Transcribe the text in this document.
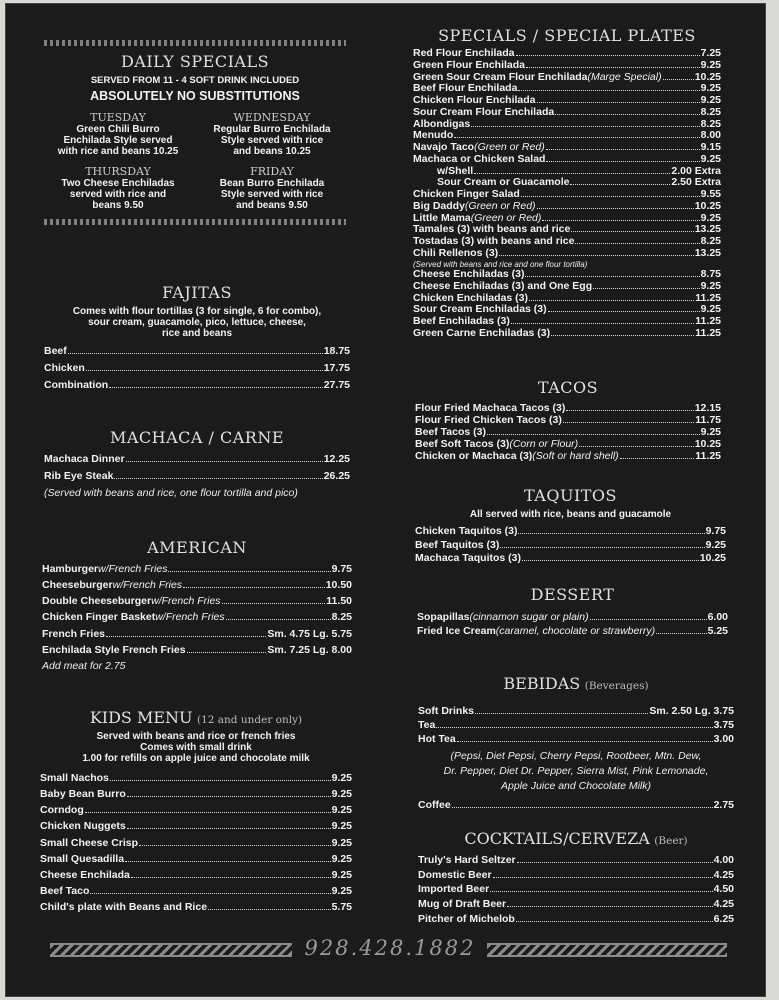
DAILY SPECIALS
SERVED FROM 11 - 4 SOFT DRINK INCLUDED
ABSOLUTELY NO SUBSTITUTIONS
TUESDAY
Green Chili Burro
Enchilada Style served
with rice and beans 10.25
WEDNESDAY
Regular Burro Enchilada
Style served with rice
and beans 10.25
THURSDAY
Two Cheese Enchiladas
served with rice and
beans 9.50
FRIDAY
Bean Burro Enchilada
Style served with rice
and beans 9.50
FAJITAS
Comes with flour tortillas (3 for single, 6 for combo),
sour cream, guacamole, pico, lettuce, cheese,
rice and beans
Beef	18.75
Chicken	17.75
Combination	27.75
MACHACA / CARNE
Machaca Dinner	12.25
Rib Eye Steak	26.25
(Served with beans and rice, one flour tortilla and pico)
AMERICAN
Hamburger w/French Fries	9.75
Cheeseburger w/French Fries	10.50
Double Cheeseburger w/French Fries	11.50
Chicken Finger Basket w/French Fries	8.25
French Fries	Sm. 4.75 Lg. 5.75
Enchilada Style French Fries	Sm. 7.25 Lg. 8.00
Add meat for 2.75
KIDS MENU (12 and under only)
Served with beans and rice or french fries
Comes with small drink
1.00 for refills on apple juice and chocolate milk
Small Nachos	9.25
Baby Bean Burro	9.25
Corndog	9.25
Chicken Nuggets	9.25
Small Cheese Crisp	9.25
Small Quesadilla	9.25
Cheese Enchilada	9.25
Beef Taco	9.25
Child's plate with Beans and Rice	5.75
SPECIALS / SPECIAL PLATES
Red Flour Enchilada	7.25
Green Flour Enchilada	9.25
Green Sour Cream Flour Enchilada (Marge Special)	10.25
Beef Flour Enchilada	9.25
Chicken Flour Enchilada	9.25
Sour Cream Flour Enchilada	8.25
Albondigas	8.25
Menudo	8.00
Navajo Taco (Green or Red)	9.15
Machaca or Chicken Salad	9.25
w/Shell	2.00 Extra
Sour Cream or Guacamole	2.50 Extra
Chicken Finger Salad	9.55
Big Daddy (Green or Red)	10.25
Little Mama (Green or Red)	9.25
Tamales (3) with beans and rice	13.25
Tostadas (3) with beans and rice	8.25
Chili Rellenos (3)	13.25
(Served with beans and rice and one flour tortilla)
Cheese Enchiladas (3)	8.75
Cheese Enchiladas (3) and One Egg	9.25
Chicken Enchiladas (3)	11.25
Sour Cream Enchiladas (3)	9.25
Beef Enchiladas (3)	11.25
Green Carne Enchiladas (3)	11.25
TACOS
Flour Fried Machaca Tacos (3)	12.15
Flour Fried Chicken Tacos (3)	11.75
Beef Tacos (3)	9.25
Beef Soft Tacos (3) (Corn or Flour)	10.25
Chicken or Machaca (3) (Soft or hard shell)	11.25
TAQUITOS
All served with rice, beans and guacamole
Chicken Taquitos (3)	9.75
Beef Taquitos (3)	9.25
Machaca Taquitos (3)	10.25
DESSERT
Sopapillas (cinnamon sugar or plain)	6.00
Fried Ice Cream (caramel, chocolate or strawberry)	5.25
BEBIDAS (Beverages)
Soft Drinks	Sm. 2.50 Lg. 3.75
Tea	3.75
Hot Tea	3.00
(Pepsi, Diet Pepsi, Cherry Pepsi, Rootbeer, Mtn. Dew,
Dr. Pepper, Diet Dr. Pepper, Sierra Mist, Pink Lemonade,
Apple Juice and Chocolate Milk)
Coffee	2.75
COCKTAILS/CERVEZA (Beer)
Truly's Hard Seltzer	4.00
Domestic Beer	4.25
Imported Beer	4.50
Mug of Draft Beer	4.25
Pitcher of Michelob	6.25
928.428.1882
